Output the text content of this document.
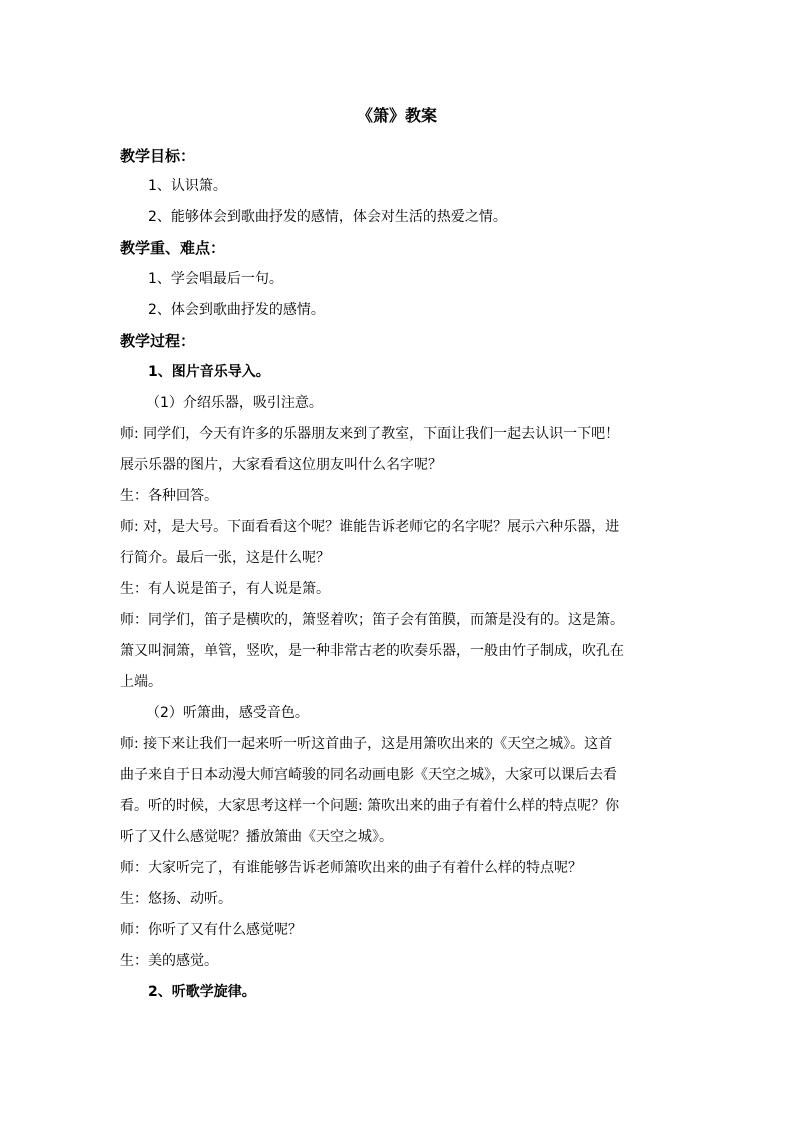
《箫》教案
教学目标：
1、认识箫。
2、能够体会到歌曲抒发的感情，体会对生活的热爱之情。
教学重、难点：
1、学会唱最后一句。
2、体会到歌曲抒发的感情。
教学过程：
1、图片音乐导入。
（1）介绍乐器，吸引注意。
师: 同学们，今天有许多的乐器朋友来到了教室，下面让我们一起去认识一下吧！
展示乐器的图片，大家看看这位朋友叫什么名字呢？
生：各种回答。
师: 对，是大号。下面看看这个呢？谁能告诉老师它的名字呢？展示六种乐器，进
行简介。最后一张，这是什么呢？
生：有人说是笛子，有人说是箫。
师：同学们，笛子是横吹的，箫竖着吹；笛子会有笛膜，而箫是没有的。这是箫。
箫又叫洞箫，单管，竖吹，是一种非常古老的吹奏乐器，一般由竹子制成，吹孔在
上端。
（2）听箫曲，感受音色。
师: 接下来让我们一起来听一听这首曲子，这是用箫吹出来的《天空之城》。这首
曲子来自于日本动漫大师宫崎骏的同名动画电影《天空之城》，大家可以课后去看
看。听的时候，大家思考这样一个问题: 箫吹出来的曲子有着什么样的特点呢？你
听了又什么感觉呢？播放箫曲《天空之城》。
师：大家听完了，有谁能够告诉老师箫吹出来的曲子有着什么样的特点呢？
生：悠扬、动听。
师：你听了又有什么感觉呢？
生：美的感觉。
2、听歌学旋律。
